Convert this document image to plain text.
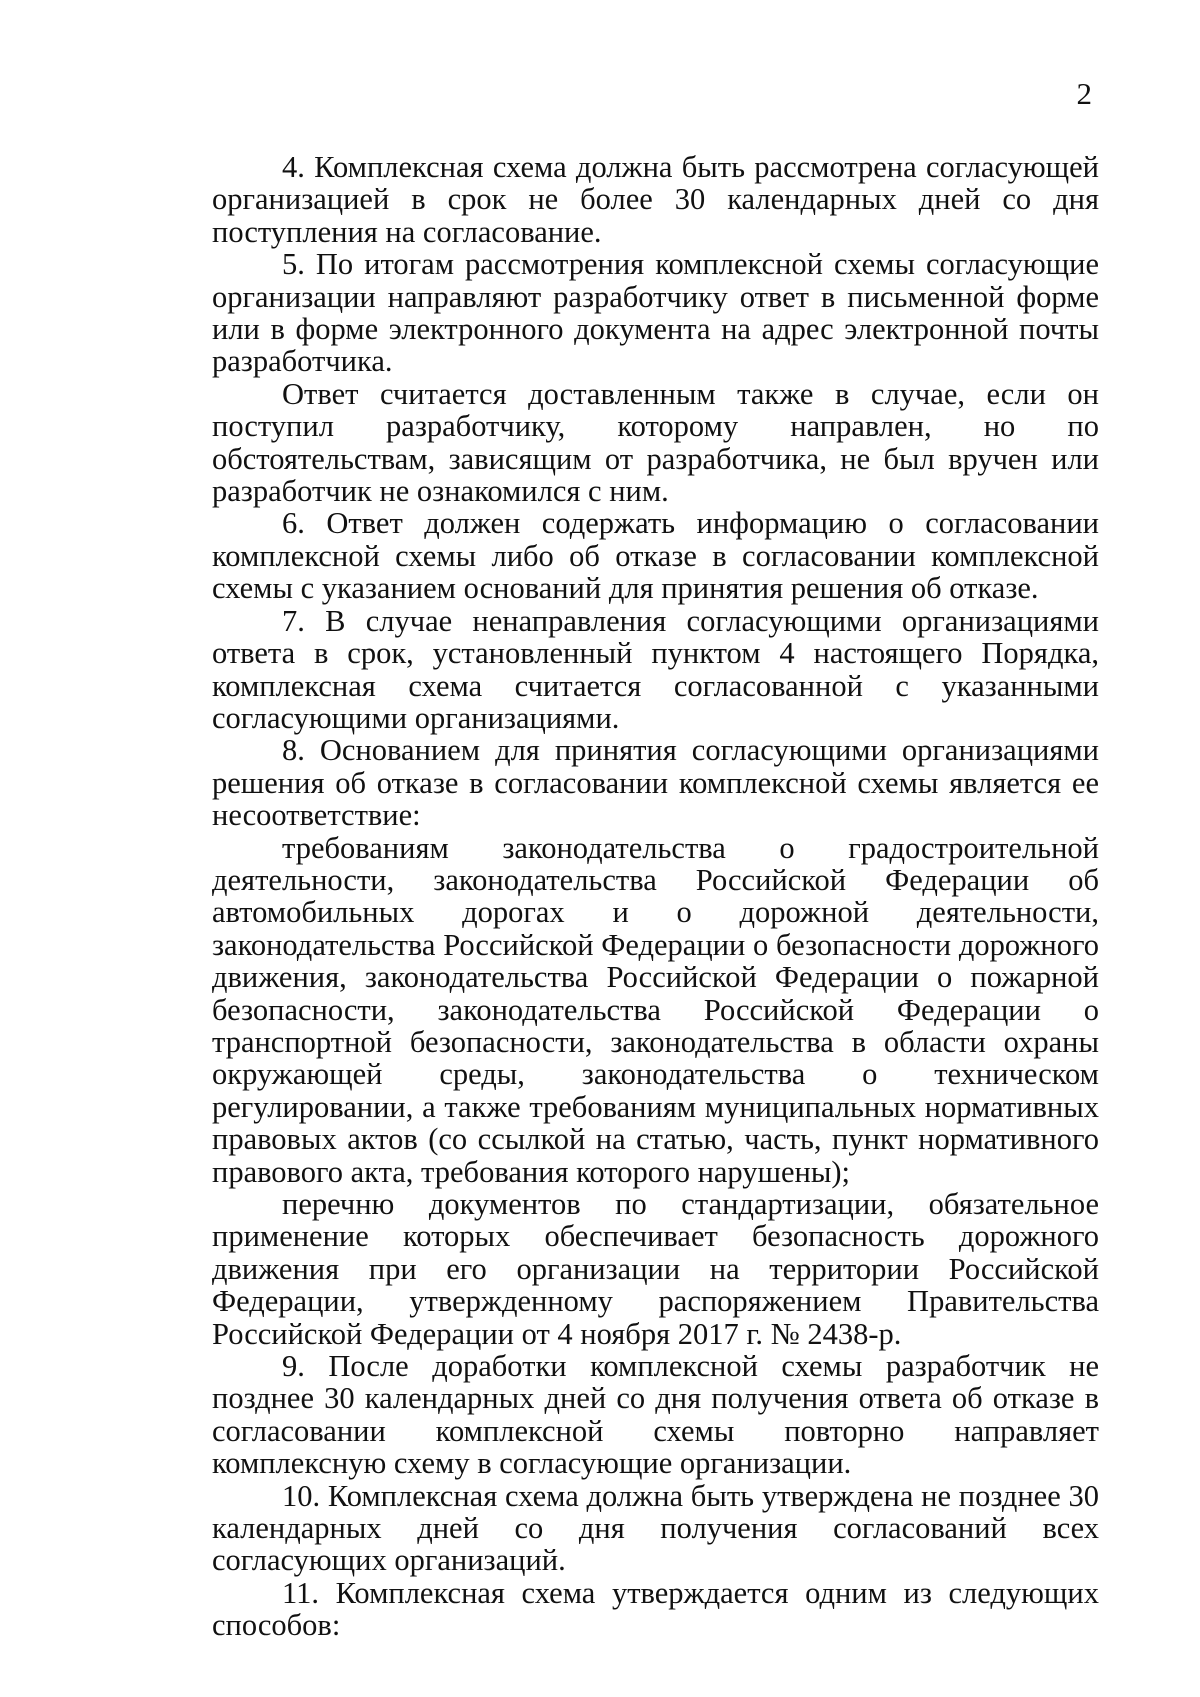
2

4. Комплексная схема должна быть рассмотрена согласующей организацией в срок не более 30 календарных дней со дня поступления на согласование.

5. По итогам рассмотрения комплексной схемы согласующие организации направляют разработчику ответ в письменной форме или в форме электронного документа на адрес электронной почты разработчика.

Ответ считается доставленным также в случае, если он поступил разработчику, которому направлен, но по обстоятельствам, зависящим от разработчика, не был вручен или разработчик не ознакомился с ним.

6. Ответ должен содержать информацию о согласовании комплексной схемы либо об отказе в согласовании комплексной схемы с указанием оснований для принятия решения об отказе.

7. В случае ненаправления согласующими организациями ответа в срок, установленный пунктом 4 настоящего Порядка, комплексная схема считается согласованной с указанными согласующими организациями.

8. Основанием для принятия согласующими организациями решения об отказе в согласовании комплексной схемы является ее несоответствие:

требованиям законодательства о градостроительной деятельности, законодательства Российской Федерации об автомобильных дорогах и о дорожной деятельности, законодательства Российской Федерации о безопасности дорожного движения, законодательства Российской Федерации о пожарной безопасности, законодательства Российской Федерации о транспортной безопасности, законодательства в области охраны окружающей среды, законодательства о техническом регулировании, а также требованиям муниципальных нормативных правовых актов (со ссылкой на статью, часть, пункт нормативного правового акта, требования которого нарушены);

перечню документов по стандартизации, обязательное применение которых обеспечивает безопасность дорожного движения при его организации на территории Российской Федерации, утвержденному распоряжением Правительства Российской Федерации от 4 ноября 2017 г. № 2438-р.

9. После доработки комплексной схемы разработчик не позднее 30 календарных дней со дня получения ответа об отказе в согласовании комплексной схемы повторно направляет комплексную схему в согласующие организации.

10. Комплексная схема должна быть утверждена не позднее 30 календарных дней со дня получения согласований всех согласующих организаций.

11. Комплексная схема утверждается одним из следующих способов:
